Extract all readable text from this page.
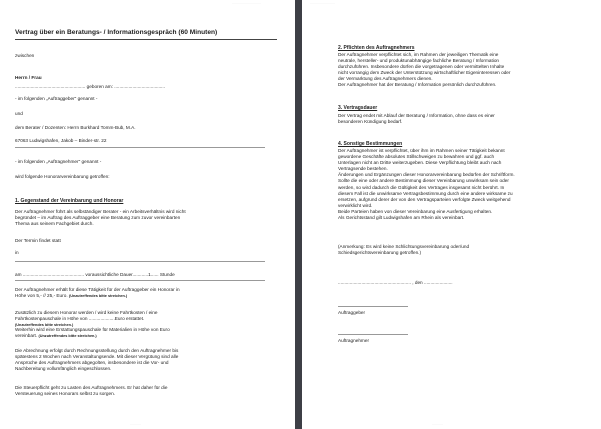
·····························
Vertrag über ein Beratungs- / Informationsgespräch (60 Minuten)
zwischen
Herrn / Frau
...................................................... geboren am: .......................................
- im folgenden „Auftraggeber" genannt -
und
dem Berater / Dozenten: Herrn Burkhard Tomm-Bub, M.A.
67063 Ludwigshafen, Jakob – Binder-str. 22
- im folgenden „Auftragnehmer" genannt -
wird folgende Honorarvereinbarung getroffen:
1. Gegenstand der Vereinbarung und Honorar
Der Auftragnehmer führt als selbständiger Berater - ein Arbeitsverhältnis wird nicht
begründet – im Auftrag des Auftraggeber eine Beratung zum zuvor vereinbarten
Thema aus seinem Fachgebiet durch.
Der Termin findet statt
in
am ............................................... voraussichtliche Dauer............1...... Stunde
Der Auftragnehmer erhält für diese Tätigkeit für der Auftraggeber ein Honorar in
Höhe von 5,- // 25,- Euro. (Unzutreffendes bitte streichen.)
Zusätzlich zu diesem Honorar werden / wird keine Fahrtkosten / eine
Fahrtkostenpauschale in Höhe von ....................Euro erstattet.
(Unzutreffendes bitte streichen.)
Weiterhin wird eine Erstattungspauschale für Materialien in Höhe von Euro
vereinbart. (Unzutreffendes bitte streichen.)
Die Abrechnung erfolgt durch Rechnungsstellung durch den Auftragnehmer bis
spätestens 2 Wochen nach Veranstaltungsende. Mit dieser Vergütung sind alle
Ansprüche des Auftragnehmers abgegolten, insbesondere ist die Vor- und
Nachbereitung vollumfänglich eingeschlossen.
Die Steuerpflicht geht zu Lasten des Auftragnehmers. Er hat daher für die
Versteuerung seines Honorars selbst zu sorgen.
···········
·························
2. Pflichten des Auftragnehmers
Der Auftragnehmer verpflichtet sich, im Rahmen der jeweiligen Thematik eine
neutrale, hersteller- und produktunabhängige fachliche Beratung / Information
durchzuführen. Insbesondere dürfen die vorgetragenen oder vermittelten Inhalte
nicht vorrangig dem Zweck der Unterstützung wirtschaftlicher Eigeninteressen oder
der Vermarktung des Auftragnehmers dienen.
Der Auftragnehmer hat der Beratung / Information persönlich durchzuführen.
3. Vertragsdauer
Der Vertrag endet mit Ablauf der Beratung / Information, ohne dass es einer
besonderen Kündigung bedarf.
4. Sonstige Bestimmungen
Der Auftragnehmer ist verpflichtet, über ihm im Rahmen seiner Tätigkeit bekannt
gewordene Geschäfte absolutes Stillschweigen zu bewahren und ggf. auch
Unterlagen nicht an Dritte weiterzugeben. Diese Verpflichtung bleibt auch nach
Vertragsende bestehen.
Änderungen und Ergänzungen dieser Honorarvereinbarung bedürfen der Schriftform.
Sollte die eine oder andere Bestimmung dieser Vereinbarung unwirksam sein oder
werden, so wird dadurch die Gültigkeit des Vertrages insgesamt nicht berührt. In
diesem Fall ist die unwirksame Vertragsbestimmung durch eine andere wirksame zu
ersetzen, aufgrund derer der von den Vertragsparteien verfolgte Zweck weitgehend
verwirklicht wird.
Beide Parteien haben von dieser Vereinbarung eine Ausfertigung erhalten.
Als Gerichtsstand gilt Ludwigshafen am Rhein als vereinbart.
(Anmerkung: Es wird keine Schlichtungsvereinbarung oder/und
Schiedsgerichtsvereinbarung getroffen.)
........................................................ , den ......................
Auftraggeber
Auftragnehmer
···········
